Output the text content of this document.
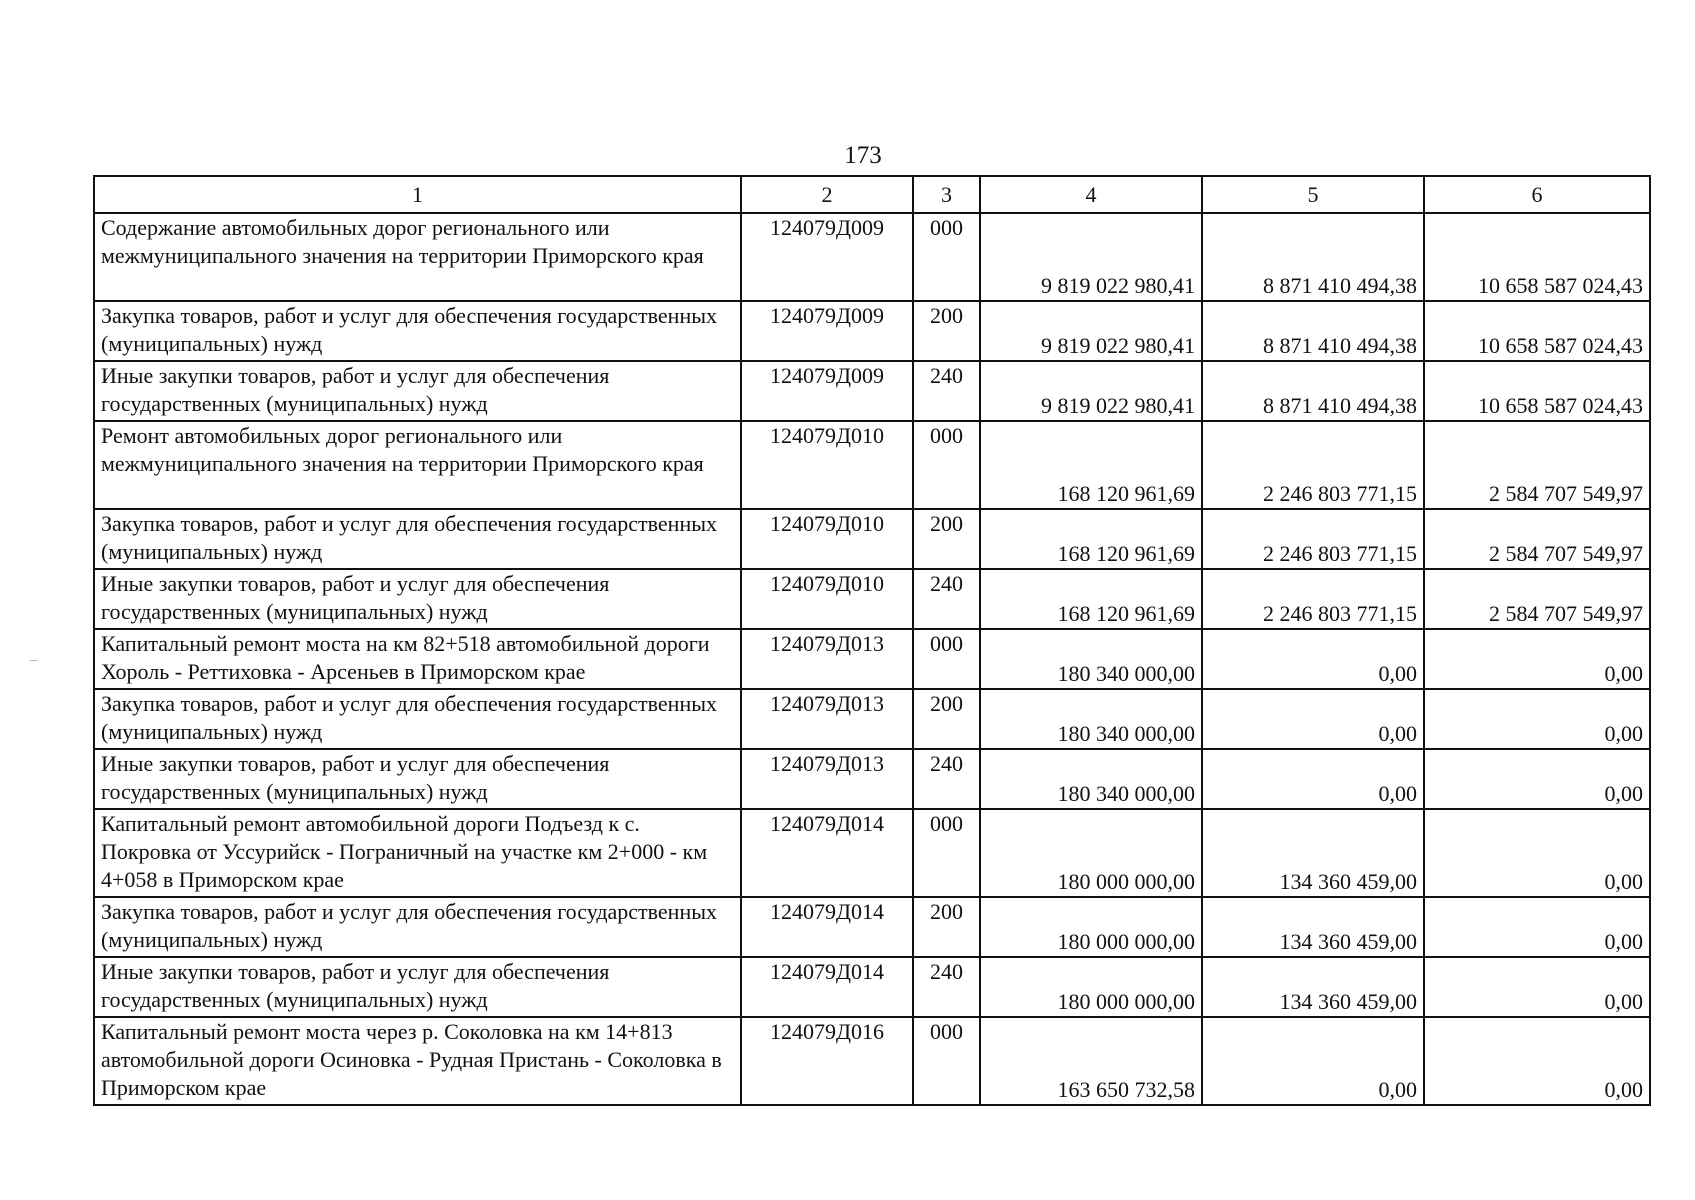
173
1	2	3	4	5	6
Содержание автомобильных дорог регионального или межмуниципального значения на территории Приморского края	124079Д009	000	9 819 022 980,41	8 871 410 494,38	10 658 587 024,43
Закупка товаров, работ и услуг для обеспечения государственных (муниципальных) нужд	124079Д009	200	9 819 022 980,41	8 871 410 494,38	10 658 587 024,43
Иные закупки товаров, работ и услуг для обеспечения государственных (муниципальных) нужд	124079Д009	240	9 819 022 980,41	8 871 410 494,38	10 658 587 024,43
Ремонт автомобильных дорог регионального или межмуниципального значения на территории Приморского края	124079Д010	000	168 120 961,69	2 246 803 771,15	2 584 707 549,97
Закупка товаров, работ и услуг для обеспечения государственных (муниципальных) нужд	124079Д010	200	168 120 961,69	2 246 803 771,15	2 584 707 549,97
Иные закупки товаров, работ и услуг для обеспечения государственных (муниципальных) нужд	124079Д010	240	168 120 961,69	2 246 803 771,15	2 584 707 549,97
Капитальный ремонт моста на км 82+518 автомобильной дороги Хороль - Реттиховка - Арсеньев в Приморском крае	124079Д013	000	180 340 000,00	0,00	0,00
Закупка товаров, работ и услуг для обеспечения государственных (муниципальных) нужд	124079Д013	200	180 340 000,00	0,00	0,00
Иные закупки товаров, работ и услуг для обеспечения государственных (муниципальных) нужд	124079Д013	240	180 340 000,00	0,00	0,00
Капитальный ремонт автомобильной дороги Подъезд к с. Покровка от Уссурийск - Пограничный на участке км 2+000 - км 4+058 в Приморском крае	124079Д014	000	180 000 000,00	134 360 459,00	0,00
Закупка товаров, работ и услуг для обеспечения государственных (муниципальных) нужд	124079Д014	200	180 000 000,00	134 360 459,00	0,00
Иные закупки товаров, работ и услуг для обеспечения государственных (муниципальных) нужд	124079Д014	240	180 000 000,00	134 360 459,00	0,00
Капитальный ремонт моста через р. Соколовка на км 14+813 автомобильной дороги Осиновка - Рудная Пристань - Соколовка в Приморском крае	124079Д016	000	163 650 732,58	0,00	0,00
